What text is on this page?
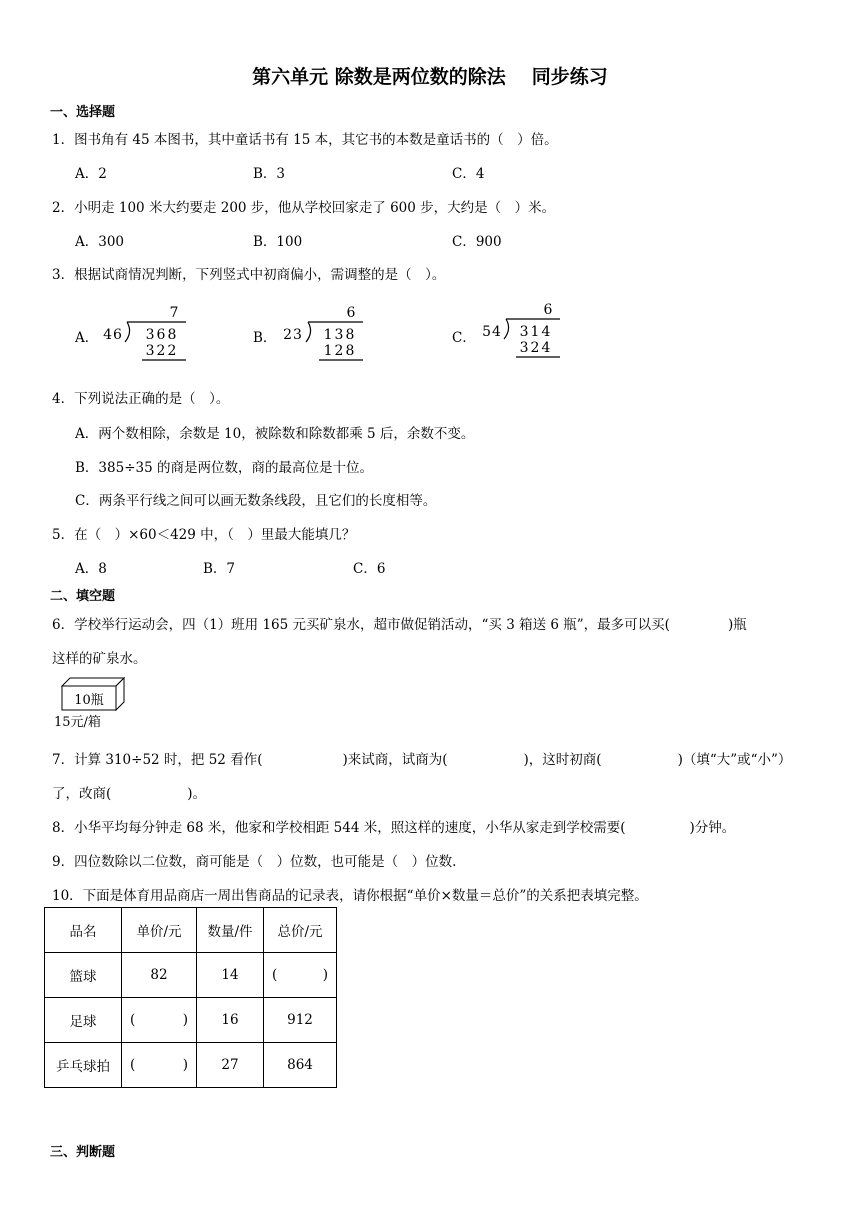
第六单元 除数是两位数的除法 同步练习
一、选择题
1．图书角有 45 本图书，其中童话书有 15 本，其它书的本数是童话书的（　）倍。
A．2	B．3	C．4
2．小明走 100 米大约要走 200 步，他从学校回家走了 600 步，大约是（　）米。
A．300	B．100	C．900
3．根据试商情况判断，下列竖式中初商偏小，需调整的是（　）。
A．
7
46 368
322
B．
6
23 138
128
C．
6
54 314
324
4．下列说法正确的是（　）。
A．两个数相除，余数是 10，被除数和除数都乘 5 后，余数不变。
B．385÷35 的商是两位数，商的最高位是十位。
C．两条平行线之间可以画无数条线段，且它们的长度相等。
5．在（　）×60＜429 中，（　）里最大能填几？
A．8	B．7	C．6
二、填空题
6．学校举行运动会，四（1）班用 165 元买矿泉水，超市做促销活动，“买 3 箱送 6 瓶”，最多可以买(	)瓶
这样的矿泉水。
10瓶
15元/箱
7．计算 310÷52 时，把 52 看作(	)来试商，试商为(	)，这时初商(	)（填“大”或“小”）
了，改商(	)。
8．小华平均每分钟走 68 米，他家和学校相距 544 米，照这样的速度，小华从家走到学校需要(	)分钟。
9．四位数除以二位数，商可能是（　）位数，也可能是（　）位数.
10．下面是体育用品商店一周出售商品的记录表，请你根据“单价×数量＝总价”的关系把表填完整。
品名	单价/元	数量/件	总价/元
篮球	82	14	( )

足球	( )	16	912
乒乓球拍	( )	27	864
三、判断题
